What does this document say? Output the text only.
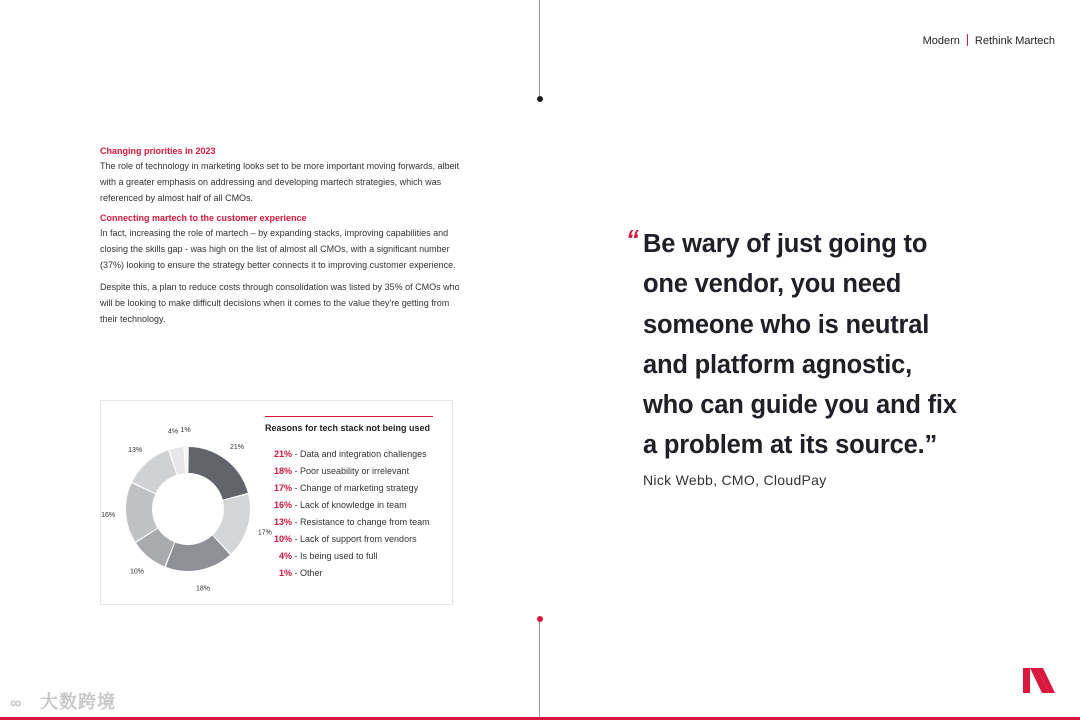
Modern Rethink Martech
Changing priorities in 2023

The role of technology in marketing looks set to be more important moving forwards, albeit with a greater emphasis on addressing and developing martech strategies, which was referenced by almost half of all CMOs.

Connecting martech to the customer experience

In fact, increasing the role of martech – by expanding stacks, improving capabilities and closing the skills gap - was high on the list of almost all CMOs, with a significant number (37%) looking to ensure the strategy better connects it to improving customer experience.

Despite this, a plan to reduce costs through consolidation was listed by 35% of CMOs who will be looking to make difficult decisions when it comes to the value they're getting from their technology.

21%
17%
18%
10%
16%
13%
4% 1%	Reasons for tech stack not being used
21% - Data and integration challenges
18% - Poor useability or irrelevant
17% - Change of marketing strategy
16% - Lack of knowledge in team
13% - Resistance to change from team
10% - Lack of support from vendors
4% - Is being used to full
1% - Other
“ Be wary of just going to
one vendor, you need
someone who is neutral
and platform agnostic,
who can guide you and fix
a problem at its source.”
Nick Webb, CMO, CloudPay
∞ 大数跨境
